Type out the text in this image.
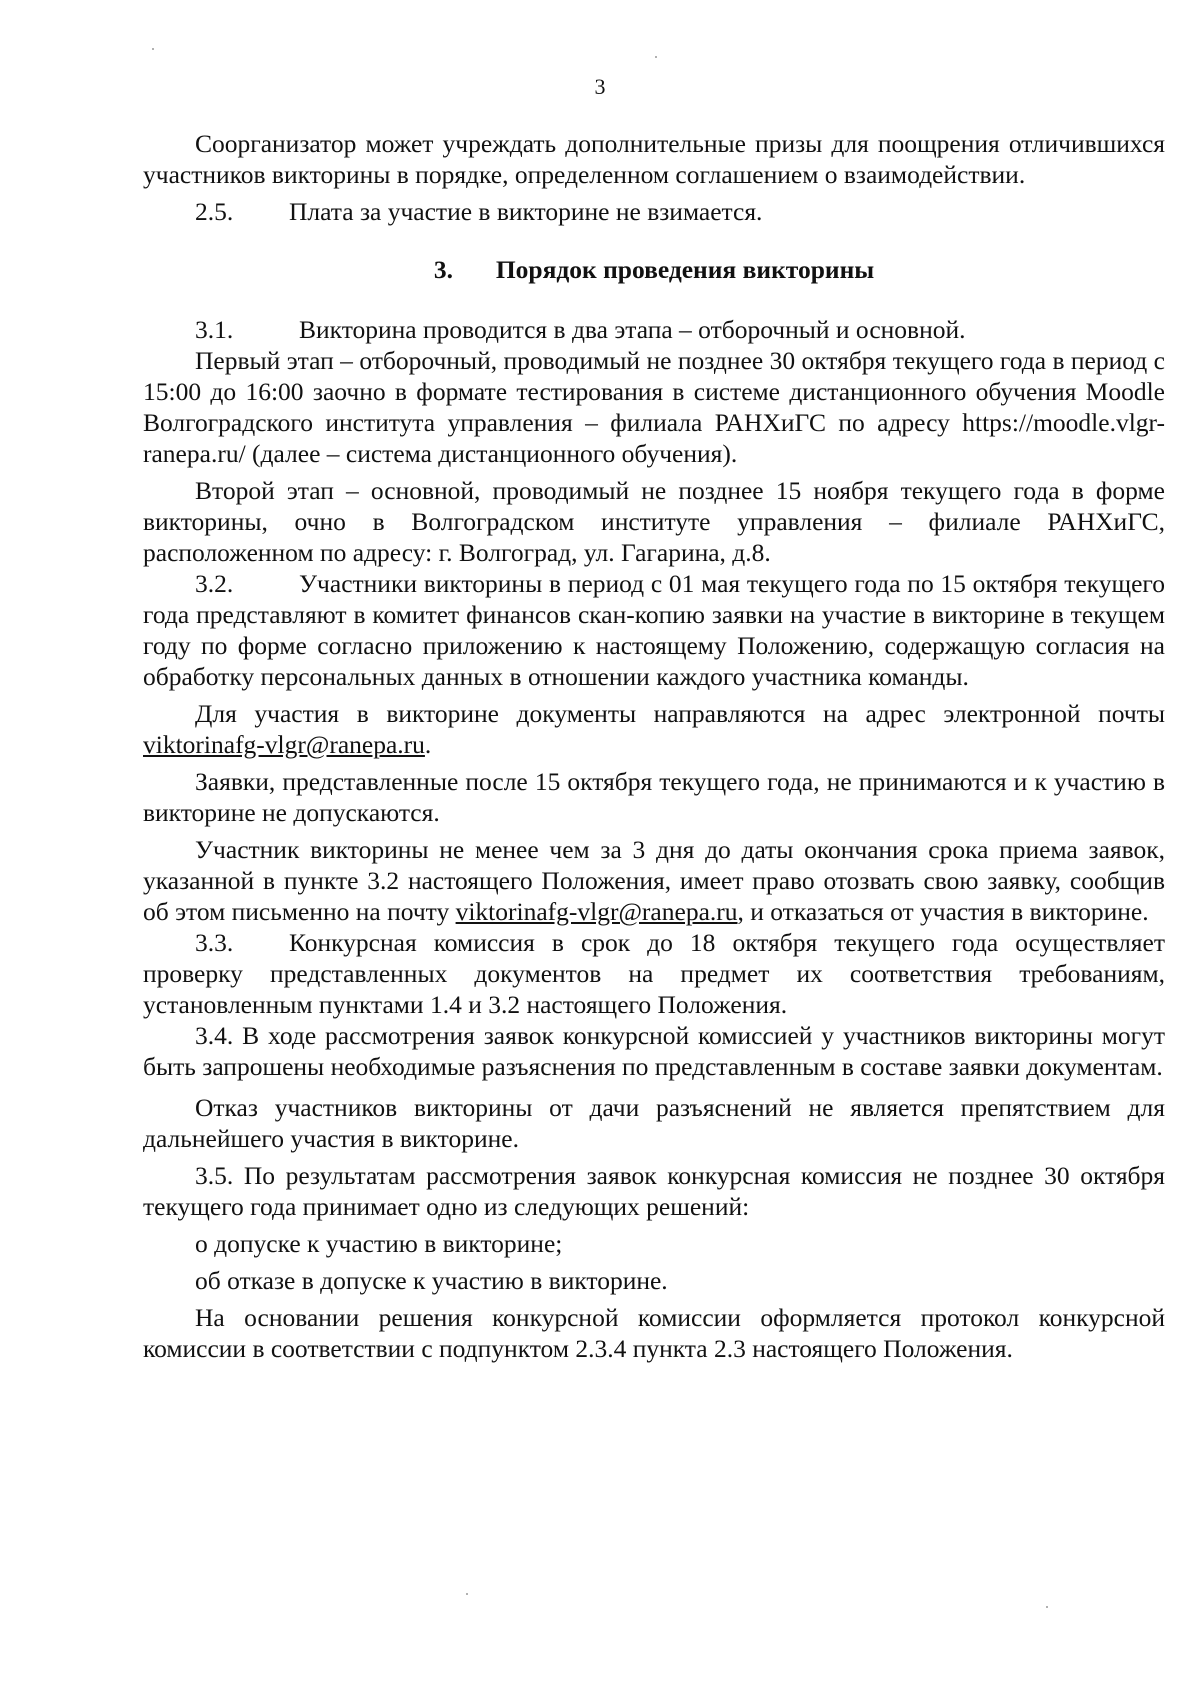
3

Соорганизатор может учреждать дополнительные призы для поощрения отличившихся участников викторины в порядке, определенном соглашением о взаимодействии.

2.5. Плата за участие в викторине не взимается.

3. Порядок проведения викторины

3.1.	Викторина проводится в два этапа – отборочный и основной.

Первый этап – отборочный, проводимый не позднее 30 октября текущего года в период с 15:00 до 16:00 заочно в формате тестирования в системе дистанционного обучения Moodle Волгоградского института управления – филиала РАНХиГС по адресу https://moodle.vlgr-ranepa.ru/ (далее – система дистанционного обучения).

Второй этап – основной, проводимый не позднее 15 ноября текущего года в форме викторины, очно в Волгоградском институте управления – филиале РАНХиГС, расположенном по адресу: г. Волгоград, ул. Гагарина, д.8.

3.2.	Участники викторины в период с 01 мая текущего года по 15 октября текущего года представляют в комитет финансов скан-копию заявки на участие в викторине в текущем году по форме согласно приложению к настоящему Положению, содержащую согласия на обработку персональных данных в отношении каждого участника команды.

Для участия в викторине документы направляются на адрес электронной почты viktorinafg-vlgr@ranepa.ru.

Заявки, представленные после 15 октября текущего года, не принимаются и к участию в викторине не допускаются.

Участник викторины не менее чем за 3 дня до даты окончания срока приема заявок, указанной в пункте 3.2 настоящего Положения, имеет право отозвать свою заявку, сообщив об этом письменно на почту viktorinafg-vlgr@ranepa.ru, и отказаться от участия в викторине.

3.3. Конкурсная комиссия в срок до 18 октября текущего года осуществляет проверку представленных документов на предмет их соответствия требованиям, установленным пунктами 1.4 и 3.2 настоящего Положения.

3.4. В ходе рассмотрения заявок конкурсной комиссией у участников викторины могут быть запрошены необходимые разъяснения по представленным в составе заявки документам.

Отказ участников викторины от дачи разъяснений не является препятствием для дальнейшего участия в викторине.

3.5. По результатам рассмотрения заявок конкурсная комиссия не позднее 30 октября текущего года принимает одно из следующих решений:

о допуске к участию в викторине;

об отказе в допуске к участию в викторине.

На основании решения конкурсной комиссии оформляется протокол конкурсной комиссии в соответствии с подпунктом 2.3.4 пункта 2.3 настоящего Положения.
